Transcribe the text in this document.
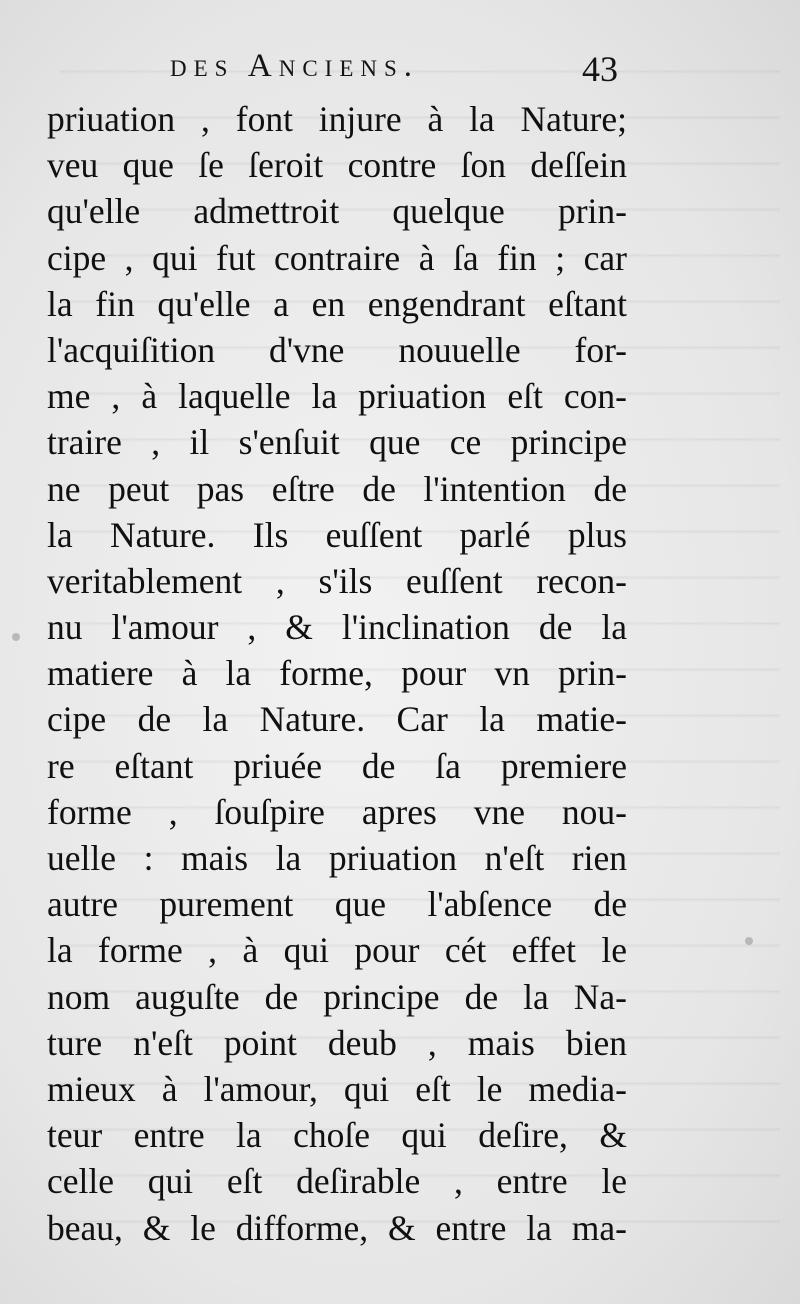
des Anciens.	43
priuation , font injure à la Nature;
veu que ſe ſeroit contre ſon deſſein
qu'elle admettroit quelque prin-
cipe , qui fut contraire à ſa fin ; car
la fin qu'elle a en engendrant eſtant
l'acquiſition d'vne nouuelle for-
me , à laquelle la priuation eſt con-
traire , il s'enſuit que ce principe
ne peut pas eſtre de l'intention de
la Nature. Ils euſſent parlé plus
veritablement , s'ils euſſent recon-
nu l'amour , & l'inclination de la
matiere à la forme, pour vn prin-
cipe de la Nature. Car la matie-
re eſtant priuée de ſa premiere
forme , ſouſpire apres vne nou-
uelle : mais la priuation n'eſt rien
autre purement que l'abſence de
la forme , à qui pour cét effet le
nom auguſte de principe de la Na-
ture n'eſt point deub , mais bien
mieux à l'amour, qui eſt le media-
teur entre la choſe qui deſire, &
celle qui eſt deſirable , entre le
beau, & le difforme, & entre la ma-
